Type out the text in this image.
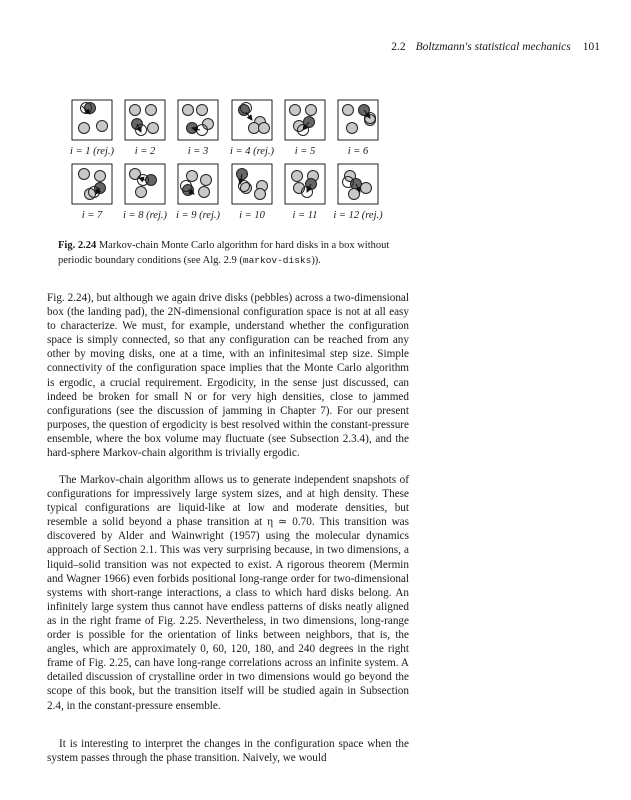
2.2 Boltzmann's statistical mechanics 101
i = 1 (rej.) i = 2	i = 3 i = 4 (rej.) i = 5	i = 6
i = 7 i = 8 (rej.) i = 9 (rej.) i = 10	i = 11 i = 12 (rej.)
Fig. 2.24 Markov-chain Monte Carlo algorithm for hard disks in a box without periodic boundary conditions (see Alg. 2.9 (markov-disks)).
Fig. 2.24), but although we again drive disks (pebbles) across a two-dimensional box (the landing pad), the 2N-dimensional configuration space is not at all easy to characterize. We must, for example, understand whether the configuration space is simply connected, so that any configuration can be reached from any other by moving disks, one at a time, with an infinitesimal step size. Simple connectivity of the configuration space implies that the Monte Carlo algorithm is ergodic, a crucial requirement. Ergodicity, in the sense just discussed, can indeed be broken for small N or for very high densities, close to jammed configurations (see the discussion of jamming in Chapter 7). For our present purposes, the question of ergodicity is best resolved within the constant-pressure ensemble, where the box volume may fluctuate (see Subsection 2.3.4), and the hard-sphere Markov-chain algorithm is trivially ergodic.
The Markov-chain algorithm allows us to generate independent snapshots of configurations for impressively large system sizes, and at high density. These typical configurations are liquid-like at low and moderate densities, but resemble a solid beyond a phase transition at η ≃ 0.70. This transition was discovered by Alder and Wainwright (1957) using the molecular dynamics approach of Section 2.1. This was very surprising because, in two dimensions, a liquid–solid transition was not expected to exist. A rigorous theorem (Mermin and Wagner 1966) even forbids positional long-range order for two-dimensional systems with short-range interactions, a class to which hard disks belong. An infinitely large system thus cannot have endless patterns of disks neatly aligned as in the right frame of Fig. 2.25. Nevertheless, in two dimensions, long-range order is possible for the orientation of links between neighbors, that is, the angles, which are approximately 0, 60, 120, 180, and 240 degrees in the right frame of Fig. 2.25, can have long-range correlations across an infinite system. A detailed discussion of crystalline order in two dimensions would go beyond the scope of this book, but the transition itself will be studied again in Subsection 2.4, in the constant-pressure ensemble.
It is interesting to interpret the changes in the configuration space when the system passes through the phase transition. Naively, we would
